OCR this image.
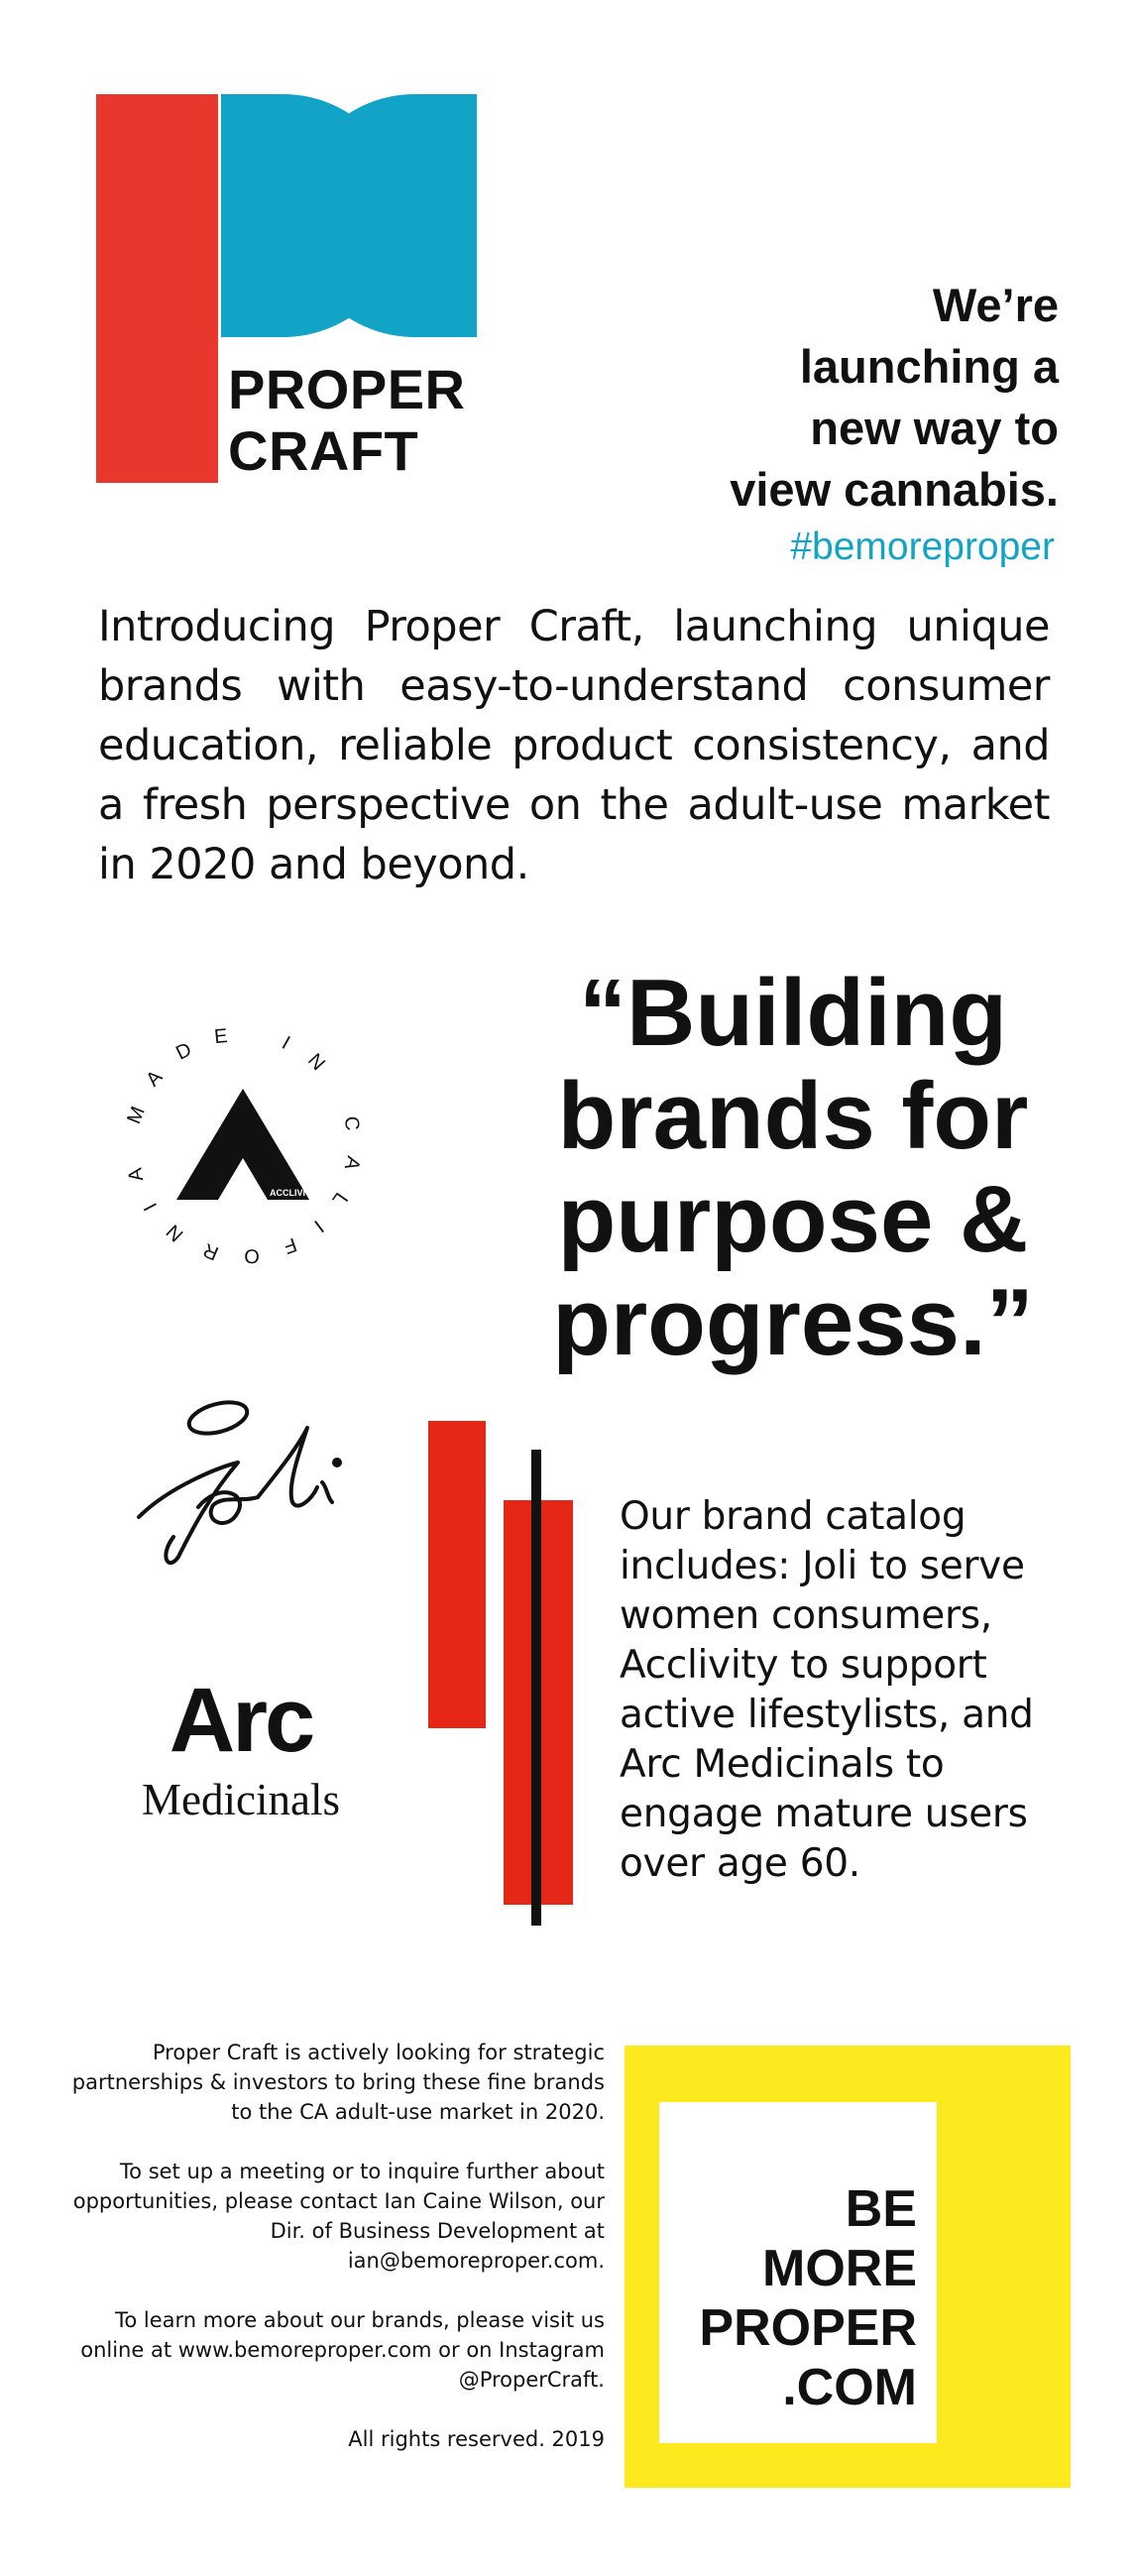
PROPER
CRAFT
We’re
launching a
new way to
view cannabis.
#bemoreproper
Introducing Proper Craft, launching unique brands with easy-to-understand consumer education, reliable product consistency, and a fresh perspective on the adult-use market in 2020 and beyond.
MADE IN CALIFORNIA
ACCLIVITY
“Building
brands for
purpose &
progress.”
Arc
Medicinals
Our brand catalog includes: Joli to serve women consumers, Acclivity to support active lifestylists, and Arc Medicinals to engage mature users over age 60.

Proper Craft is actively looking for strategic partnerships & investors to bring these fine brands to the CA adult-use market in 2020.

To set up a meeting or to inquire further about opportunities, please contact Ian Caine Wilson, our Dir. of Business Development at ian@bemoreproper.com.

To learn more about our brands, please visit us online at www.bemoreproper.com or on Instagram @ProperCraft.

All rights reserved. 2019

BE
MORE
PROPER
.COM
